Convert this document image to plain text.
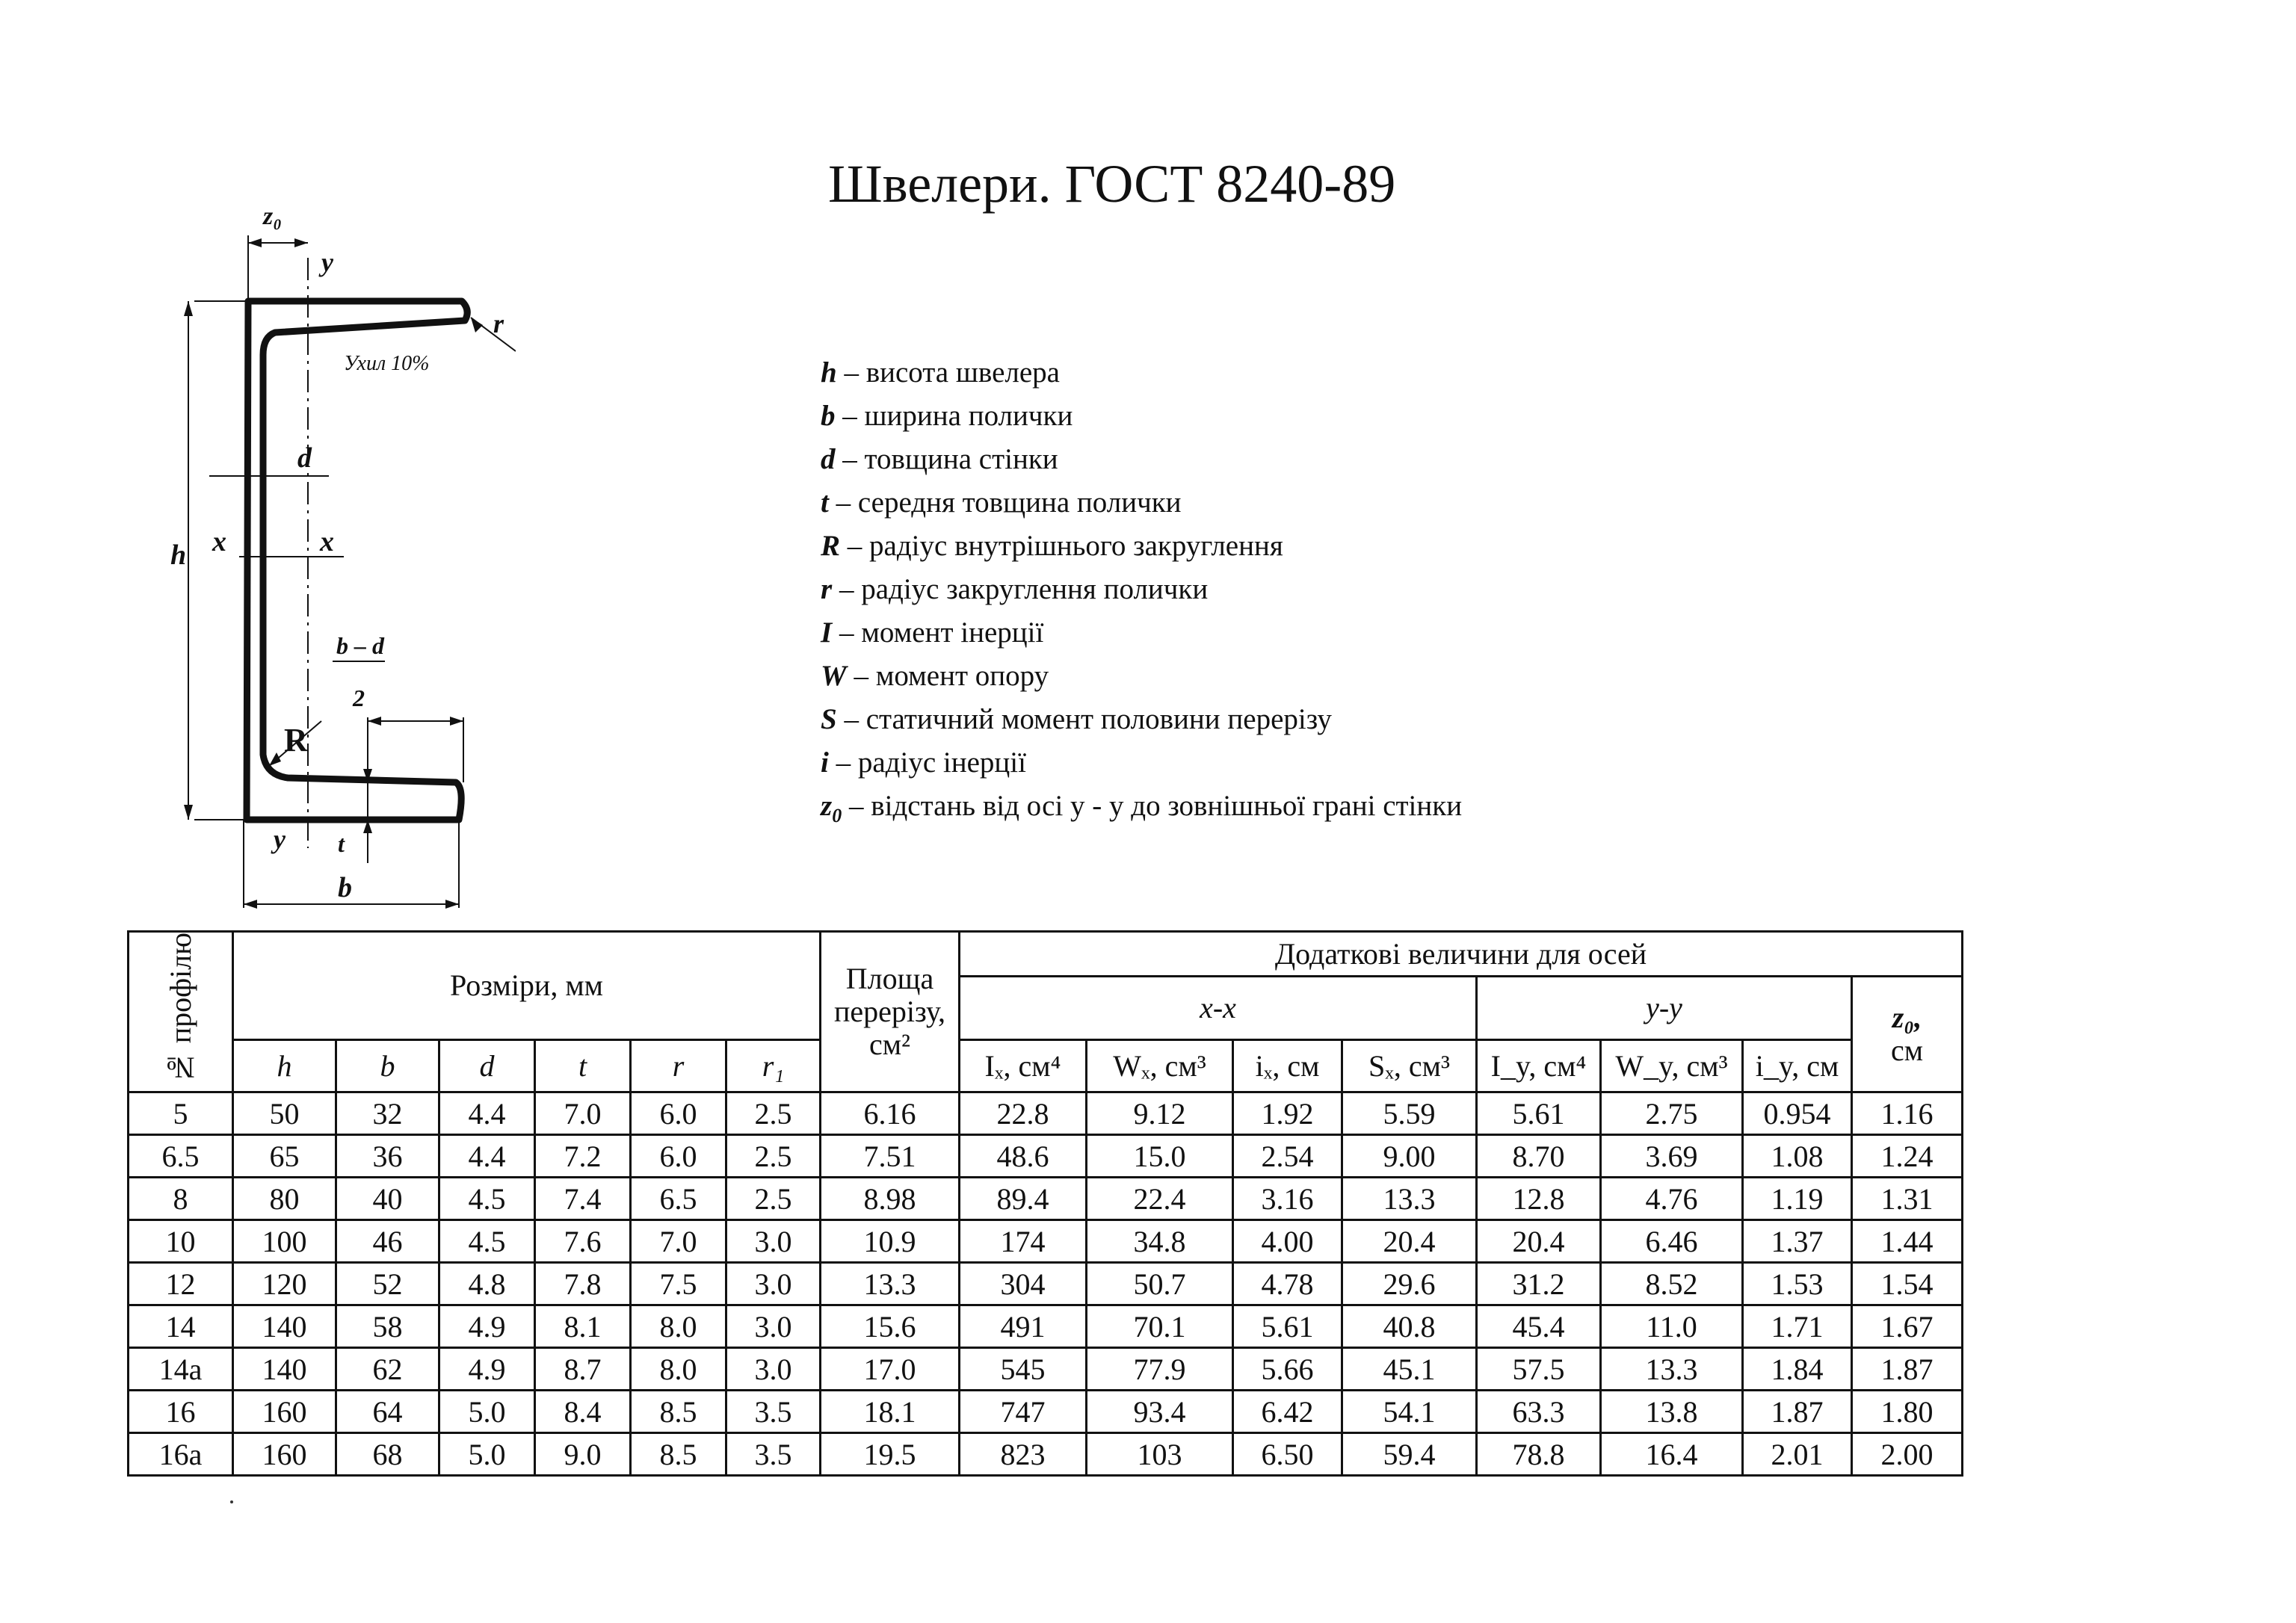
Швелери. ГОСТ 8240-89
z₀
y
r
Ухил 10%
d
x	x
h
b – d
2
R
y t
b
h – висота швелера
b – ширина полички
d – товщина стінки
t – середня товщина полички
R – радіус внутрішнього закруглення
r – радіус закруглення полички
I – момент інерції
W – момент опору
S – статичний момент половини перерізу
i – радіус інерції
$z_0$ – відстань від осі y - y до зовнішньої грані стінки
№ профілю	Розміри, мм						Площа
перерізу,
см²	Додаткові величини для осей							
								x-x				y-y			z₀,
см

	h	b	d	t	r	r₁		Iₓ, см⁴	Wₓ, см³	iₓ, см	Sₓ, см³	I_y, см⁴	W_y, см³	i_y, см	
5	50	32	4.4	7.0	6.0	2.5	6.16	22.8	9.12	1.92	5.59	5.61	2.75	0.954	1.16
6.5	65	36	4.4	7.2	6.0	2.5	7.51	48.6	15.0	2.54	9.00	8.70	3.69	1.08	1.24
8	80	40	4.5	7.4	6.5	2.5	8.98	89.4	22.4	3.16	13.3	12.8	4.76	1.19	1.31
10	100	46	4.5	7.6	7.0	3.0	10.9	174	34.8	4.00	20.4	20.4	6.46	1.37	1.44
12	120	52	4.8	7.8	7.5	3.0	13.3	304	50.7	4.78	29.6	31.2	8.52	1.53	1.54
14	140	58	4.9	8.1	8.0	3.0	15.6	491	70.1	5.61	40.8	45.4	11.0	1.71	1.67
14a	140	62	4.9	8.7	8.0	3.0	17.0	545	77.9	5.66	45.1	57.5	13.3	1.84	1.87
16	160	64	5.0	8.4	8.5	3.5	18.1	747	93.4	6.42	54.1	63.3	13.8	1.87	1.80
16a	160	68	5.0	9.0	8.5	3.5	19.5	823	103	6.50	59.4	78.8	16.4	2.01	2.00
